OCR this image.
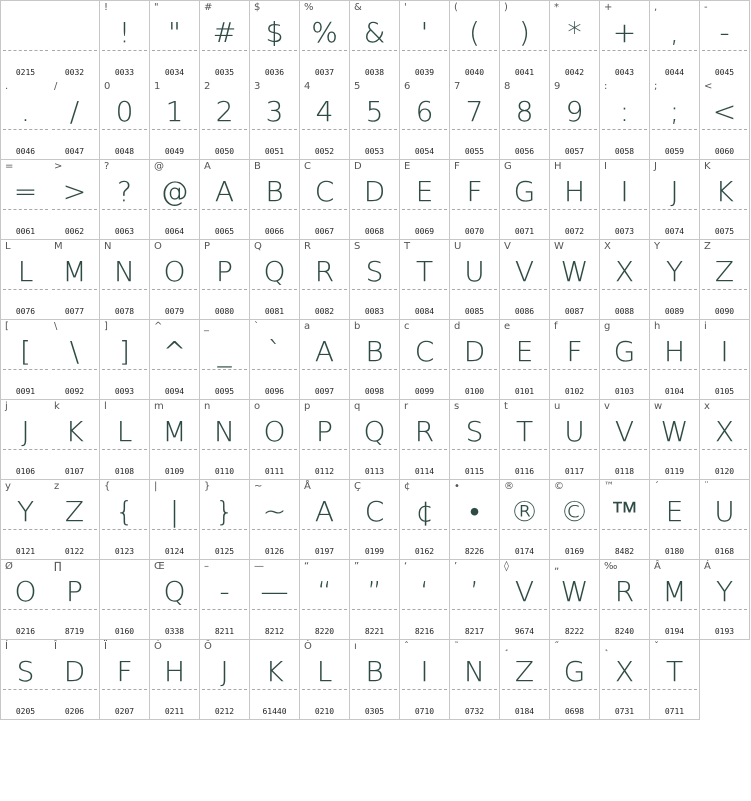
0215	0032
!
!
0033
"
"
0034
#
#
0035
$
$
0036
%
%
0037
&
&
0038
'
'
0039
(
(
0040
)
)
0041
*
*
0042
+
+
0043
,
,
0044
-
-
0045
.
.
0046
/
/
0047
0
0
0048
1
1
0049
2
2
0050
3
3
0051
4
4
0052
5
5
0053
6
6
0054
7
7
0055
8
8
0056
9
9
0057
:
:
0058
;
;
0059
<
<
0060
=
=
0061
>
>
0062
?
?
0063
@
@
0064
A
A
0065
B
B
0066
C
C
0067
D
D
0068
E
E
0069
F
F
0070
G
G
0071
H
H
0072
I
I
0073
J
J
0074
K
K
0075
L
L
0076
M
M
0077
N
N
0078
O
O
0079
P
P
0080
Q
Q
0081
R
R
0082
S
S
0083
T
T
0084
U
U
0085
V
V
0086
W
W
0087
X
X
0088
Y
Y
0089
Z
Z
0090
[
[
0091
\
\
0092
]
]
0093
^
^
0094
_
_
0095
`
`
0096
a
A
0097
b
B
0098
c
C
0099
d
D
0100
e
E
0101
f
F
0102
g
G
0103
h
H
0104
i
I
0105
j
J
0106
k
K
0107
l
L
0108
m
M
0109
n
N
0110
o
O
0111
p
P
0112
q
Q
0113
r
R
0114
s
S
0115
t
T
0116
u
U
0117
v
V
0118
w
W
0119
x
X
0120
y
Y
0121
z
Z
0122
{
{
0123
|
|
0124
}
}
0125
~
~
0126
Å
A
0197
Ç
C
0199
¢
¢
0162
•
•
8226
®
®
0174
©
©
0169
™
™
8482
´
E
0180
¨
U
0168
Ø
O
0216
∏
P
8719	0160
Œ
Q
0338
–
-
8211
—
—
8212
“
“
8220
”
”
8221
‘
‘
8216
’
’
8217
◊
V
9674
„
W
8222
‰
R
8240
Â
M
0194
Á
Y
0193
Í
S
0205
Î
D
0206
Ï
F
0207
Ó
H
0211
Ô
J
0212
K
61440
Ò
L
0210
ı
B
0305
ˆ
I
0710
˜
N
0732
¸
Z
0184
˝
G
0698
˛
X
0731
ˇ
T
0711
